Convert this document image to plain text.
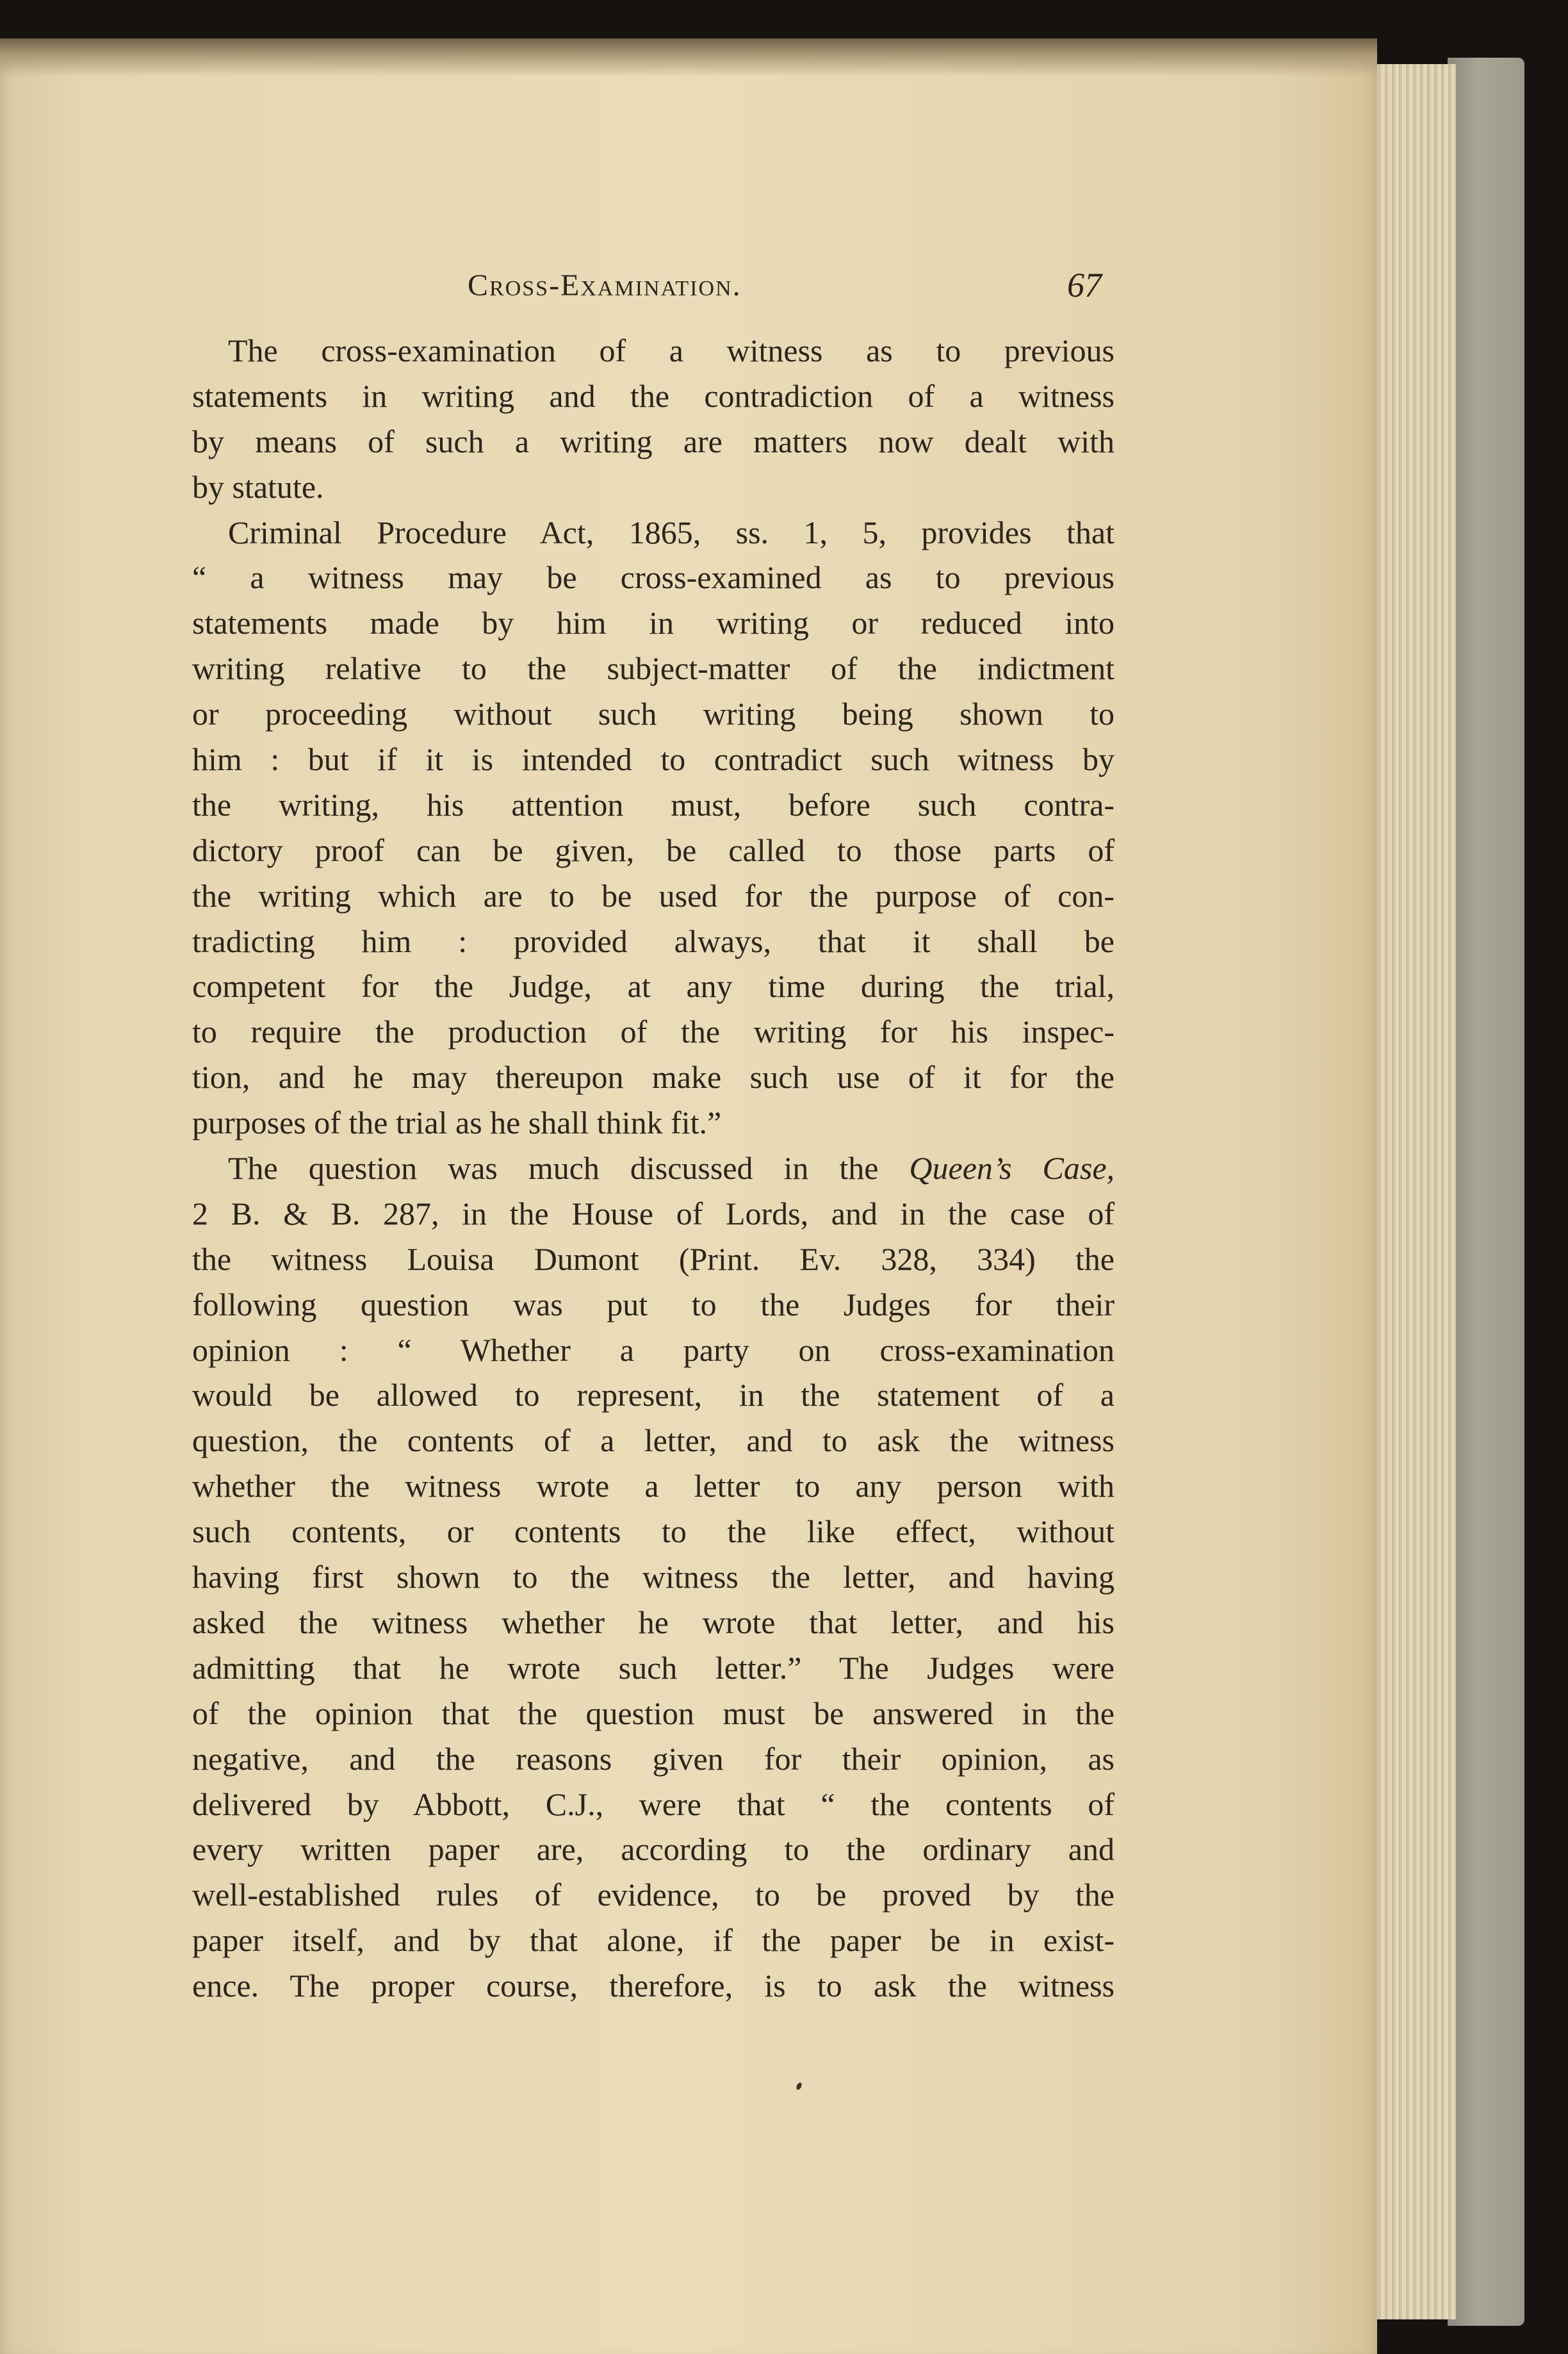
Cross-Examination.	67
The cross-examination of a witness as to previous
statements in writing and the contradiction of a witness
by means of such a writing are matters now dealt with
by statute.
Criminal Procedure Act, 1865, ss. 1, 5, provides that
“ a witness may be cross-examined as to previous
statements made by him in writing or reduced into
writing relative to the subject-matter of the indictment
or proceeding without such writing being shown to
him : but if it is intended to contradict such witness by
the writing, his attention must, before such contra-
dictory proof can be given, be called to those parts of
the writing which are to be used for the purpose of con-
tradicting him : provided always, that it shall be
competent for the Judge, at any time during the trial,
to require the production of the writing for his inspec-
tion, and he may thereupon make such use of it for the
purposes of the trial as he shall think fit.”
The question was much discussed in the Queen’s Case,
2 B. & B. 287, in the House of Lords, and in the case of
the witness Louisa Dumont (Print. Ev. 328, 334) the
following question was put to the Judges for their
opinion : “ Whether a party on cross-examination
would be allowed to represent, in the statement of a
question, the contents of a letter, and to ask the witness
whether the witness wrote a letter to any person with
such contents, or contents to the like effect, without
having first shown to the witness the letter, and having
asked the witness whether he wrote that letter, and his
admitting that he wrote such letter.” The Judges were
of the opinion that the question must be answered in the
negative, and the reasons given for their opinion, as
delivered by Abbott, C.J., were that “ the contents of
every written paper are, according to the ordinary and
well-established rules of evidence, to be proved by the
paper itself, and by that alone, if the paper be in exist-
ence. The proper course, therefore, is to ask the witness
